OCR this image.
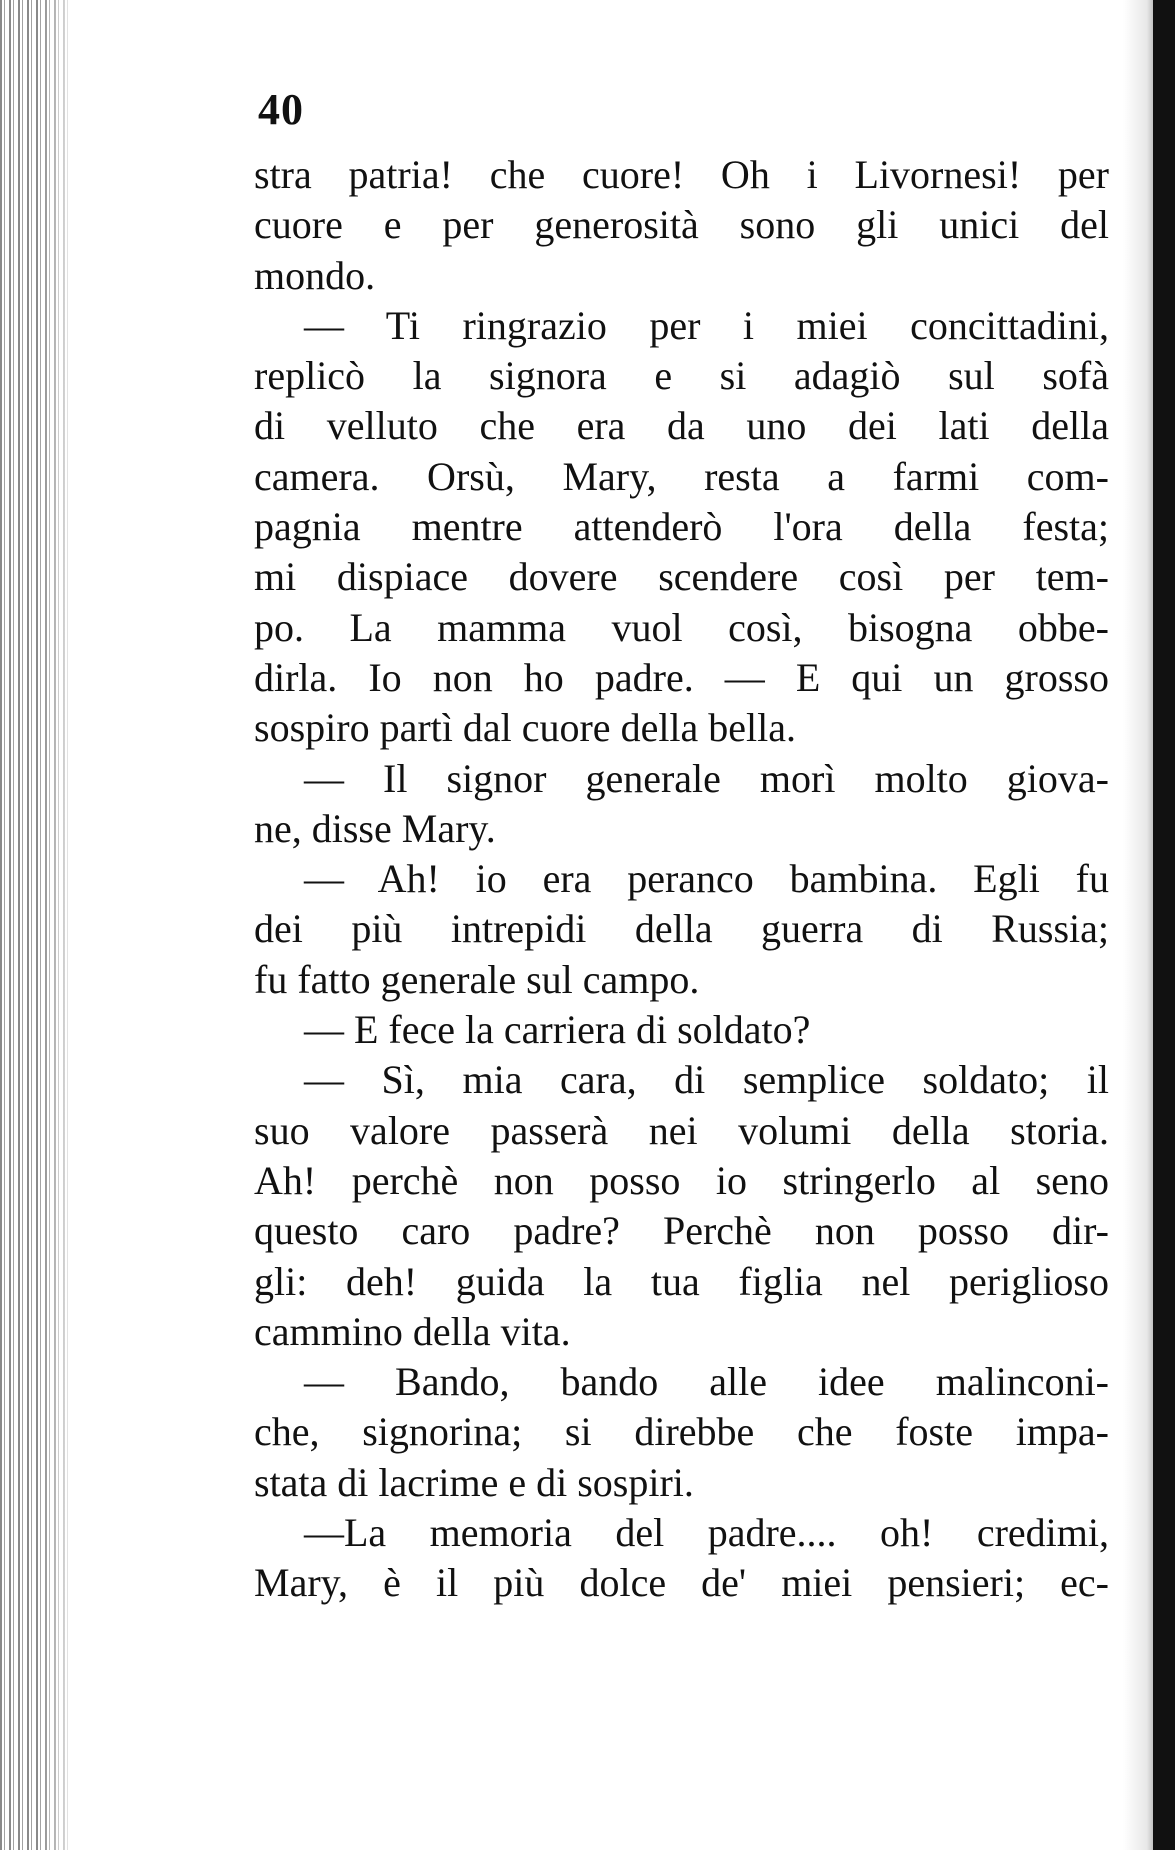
40
stra patria! che cuore! Oh i Livornesi! per
cuore e per generosità sono gli unici del
mondo.
— Ti ringrazio per i miei concittadini,
replicò la signora e si adagiò sul sofà
di velluto che era da uno dei lati della
camera. Orsù, Mary, resta a farmi com-
pagnia mentre attenderò l'ora della festa;
mi dispiace dovere scendere così per tem-
po. La mamma vuol così, bisogna obbe-
dirla. Io non ho padre. — E qui un grosso
sospiro partì dal cuore della bella.
— Il signor generale morì molto giova-
ne, disse Mary.
— Ah! io era peranco bambina. Egli fu
dei più intrepidi della guerra di Russia;
fu fatto generale sul campo.
— E fece la carriera di soldato?
— Sì, mia cara, di semplice soldato; il
suo valore passerà nei volumi della storia.
Ah! perchè non posso io stringerlo al seno
questo caro padre? Perchè non posso dir-
gli: deh! guida la tua figlia nel periglioso
cammino della vita.
— Bando, bando alle idee malinconi-
che, signorina; si direbbe che foste impa-
stata di lacrime e di sospiri.
—La memoria del padre.... oh! credimi,
Mary, è il più dolce de' miei pensieri; ec-
